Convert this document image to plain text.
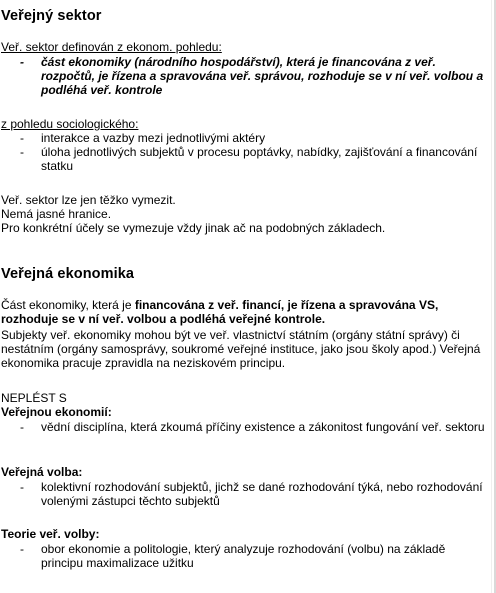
Veřejný sektor
Veř. sektor definován z ekonom. pohledu:
- část ekonomiky (národního hospodářství), která je financována z veř. rozpočtů, je řízena a spravována veř. správou, rozhoduje se v ní veř. volbou a podléhá veř. kontrole
z pohledu sociologického:
- interakce a vazby mezi jednotlivými aktéry
- úloha jednotlivých subjektů v procesu poptávky, nabídky, zajišťování a financování statku
Veř. sektor lze jen těžko vymezit.
Nemá jasné hranice.
Pro konkrétní účely se vymezuje vždy jinak ač na podobných základech.
Veřejná ekonomika
Část ekonomiky, která je financována z veř. financí, je řízena a spravována VS, rozhoduje se v ní veř. volbou a podléhá veřejné kontrole.
Subjekty veř. ekonomiky mohou být ve veř. vlastnictví státním (orgány státní správy) či nestátním (orgány samosprávy, soukromé veřejné instituce, jako jsou školy apod.) Veřejná ekonomika pracuje zpravidla na neziskovém principu.
NEPLÉST S
Veřejnou ekonomií:
- vědní disciplína, která zkoumá příčiny existence a zákonitost fungování veř. sektoru
Veřejná volba:
- kolektivní rozhodování subjektů, jichž se dané rozhodování týká, nebo rozhodování volenými zástupci těchto subjektů
Teorie veř. volby:
- obor ekonomie a politologie, který analyzuje rozhodování (volbu) na základě principu maximalizace užitku
